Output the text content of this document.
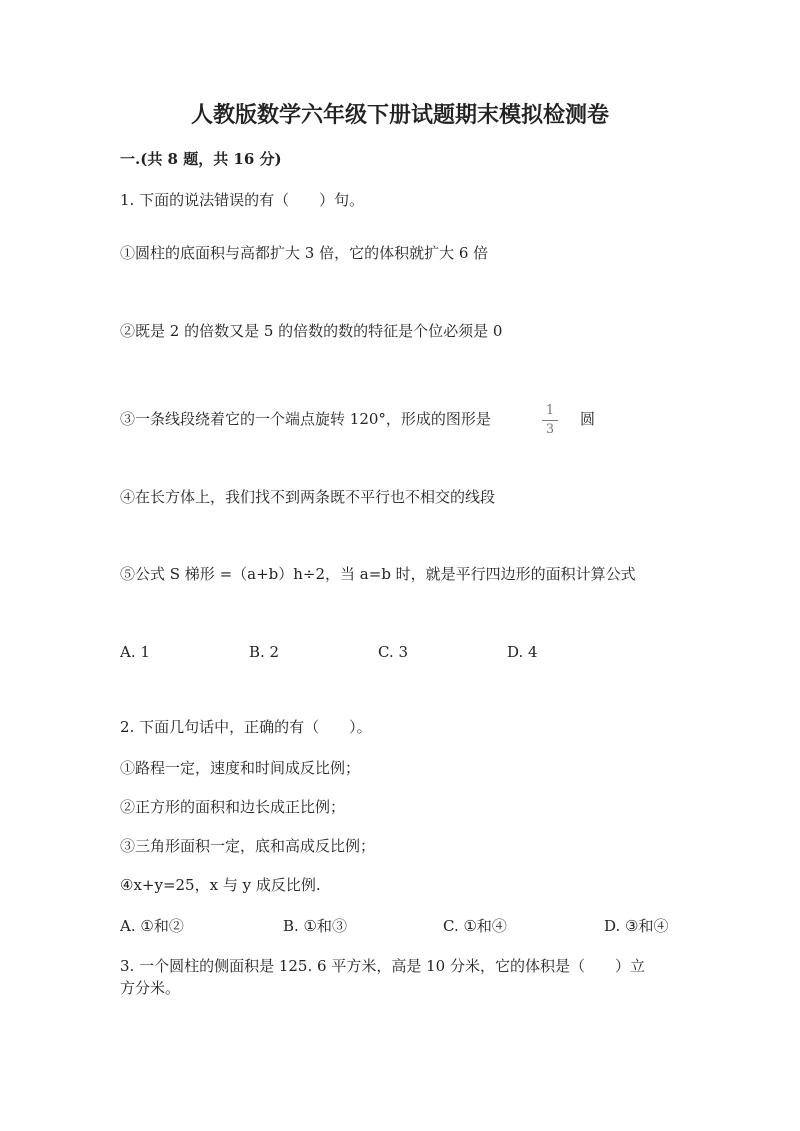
人教版数学六年级下册试题期末模拟检测卷
一.(共 8 题，共 16 分)
1. 下面的说法错误的有（　　）句。
①圆柱的底面积与高都扩大 3 倍，它的体积就扩大 6 倍
②既是 2 的倍数又是 5 的倍数的数的特征是个位必须是 0
③一条线段绕着它的一个端点旋转 120°，形成的图形是	1
3
圆
④在长方体上，我们找不到两条既不平行也不相交的线段
⑤公式 S 梯形 =（a+b）h÷2，当 a=b 时，就是平行四边形的面积计算公式
A. 1	B. 2	C. 3	D. 4
2. 下面几句话中，正确的有（　　）。
①路程一定，速度和时间成反比例；
②正方形的面积和边长成正比例；
③三角形面积一定，底和高成反比例；
④x+y=25，x 与 y 成反比例.
A. ①和②	B. ①和③	C. ①和④	D. ③和④
3. 一个圆柱的侧面积是 125. 6 平方米，高是 10 分米，它的体积是（　　）立
方分米。
